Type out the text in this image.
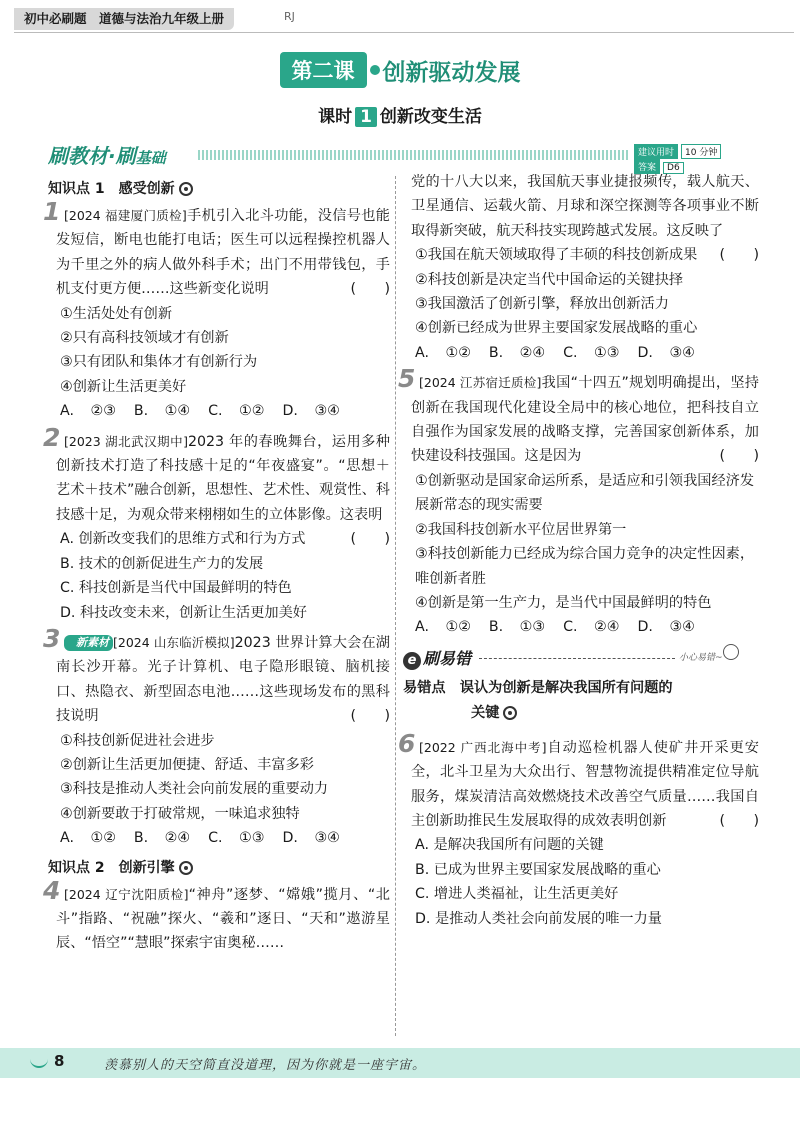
初中必刷题　道德与法治九年级上册	RJ
第二课 创新驱动发展
课时 1 创新改变生活
刷教材·刷基础	建议用时 10 分钟答案 D6
知识点 1　感受创新
1 [2024 福建厦门质检]手机引入北斗功能，没信号也能发短信，断电也能打电话；医生可以远程操控机器人为千里之外的病人做外科手术；出门不用带钱包，手机支付更方便……这些新变化说明	(　　)
①生活处处有创新
②只有高科技领域才有创新
③只有团队和集体才有创新行为
④创新让生活更美好
A. ②③ B. ①④ C. ①② D. ③④
2 [2023 湖北武汉期中]2023 年的春晚舞台，运用多种创新技术打造了科技感十足的“年夜盛宴”。“思想＋艺术＋技术”融合创新，思想性、艺术性、观赏性、科技感十足，为观众带来栩栩如生的立体影像。这表明
(　　)
A. 创新改变我们的思维方式和行为方式
B. 技术的创新促进生产力的发展
C. 科技创新是当代中国最鲜明的特色
D. 科技改变未来，创新让生活更加美好
3	新素材 [2024 山东临沂模拟]2023 世界计算大会在湖南长沙开幕。光子计算机、电子隐形眼镜、脑机接口、热隐衣、新型固态电池……这些现场发布的黑科技说明	(　　)
①科技创新促进社会进步
②创新让生活更加便捷、舒适、丰富多彩
③科技是推动人类社会向前发展的重要动力
④创新要敢于打破常规，一味追求独特
A. ①② B. ②④ C. ①③ D. ③④
知识点 2　创新引擎
4 [2024 辽宁沈阳质检]“神舟”逐梦、“嫦娥”揽月、“北斗”指路、“祝融”探火、“羲和”逐日、“天和”遨游星辰、“悟空”“慧眼”探索宇宙奥秘……
党的十八大以来，我国航天事业捷报频传，载人航天、卫星通信、运载火箭、月球和深空探测等各项事业不断取得新突破，航天科技实现跨越式发展。这反映了
(　　)
①我国在航天领域取得了丰硕的科技创新成果
②科技创新是决定当代中国命运的关键抉择
③我国激活了创新引擎，释放出创新活力
④创新已经成为世界主要国家发展战略的重心
A. ①② B. ②④ C. ①③ D. ③④
5 [2024 江苏宿迁质检]我国“十四五”规划明确提出，坚持创新在我国现代化建设全局中的核心地位，把科技自立自强作为国家发展的战略支撑，完善国家创新体系，加快建设科技强国。这是因为	(　　)
①创新驱动是国家命运所系，是适应和引领我国经济发展新常态的现实需要
②我国科技创新水平位居世界第一
③科技创新能力已经成为综合国力竞争的决定性因素，唯创新者胜
④创新是第一生产力，是当代中国最鲜明的特色
A. ①② B. ①③ C. ②④ D. ③④
e 刷易错	小心易错~
易错点　误认为创新是解决我国所有问题的
关键
6 [2022 广西北海中考]自动巡检机器人使矿井开采更安全，北斗卫星为大众出行、智慧物流提供精准定位导航服务，煤炭清洁高效燃烧技术改善空气质量……我国自主创新助推民生发展取得的成效表明创新	(　　)
A. 是解决我国所有问题的关键
B. 已成为世界主要国家发展战略的重心
C. 增进人类福祉，让生活更美好
D. 是推动人类社会向前发展的唯一力量
8	羡慕别人的天空简直没道理，因为你就是一座宇宙。
